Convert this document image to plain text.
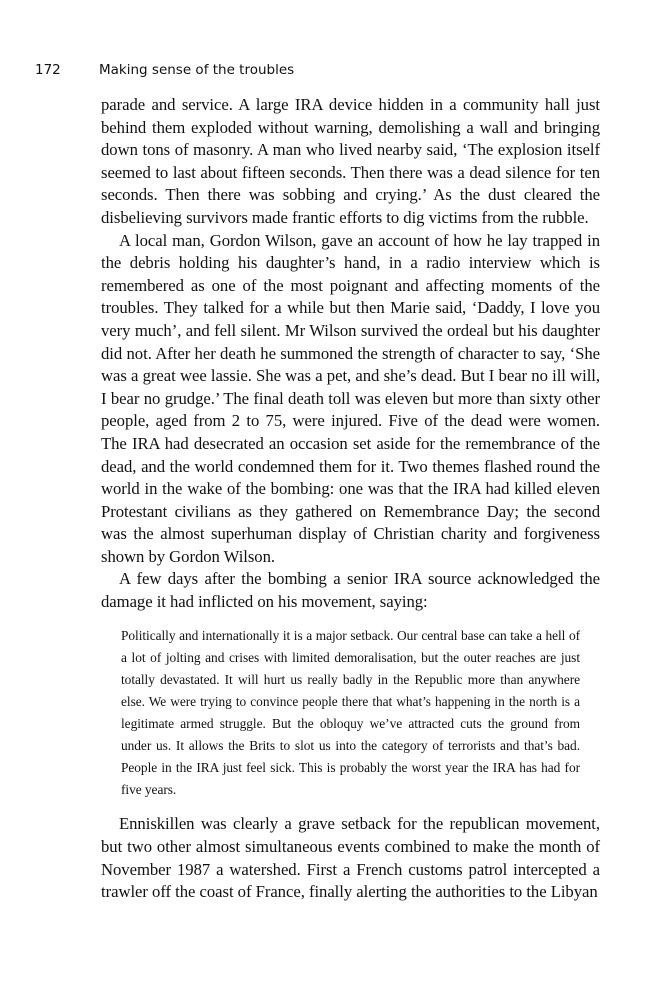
172	Making sense of the troubles

parade and service. A large IRA device hidden in a community hall just behind them exploded without warning, demolishing a wall and bringing down tons of masonry. A man who lived nearby said, ‘The explosion itself seemed to last about fifteen seconds. Then there was a dead silence for ten seconds. Then there was sobbing and crying.’ As the dust cleared the disbelieving survivors made frantic efforts to dig victims from the rubble.

A local man, Gordon Wilson, gave an account of how he lay trapped in the debris holding his daughter’s hand, in a radio interview which is remembered as one of the most poignant and affecting moments of the troubles. They talked for a while but then Marie said, ‘Daddy, I love you very much’, and fell silent. Mr Wilson survived the ordeal but his daughter did not. After her death he summoned the strength of character to say, ‘She was a great wee lassie. She was a pet, and she’s dead. But I bear no ill will, I bear no grudge.’ The final death toll was eleven but more than sixty other people, aged from 2 to 75, were injured. Five of the dead were women. The IRA had desecrated an occasion set aside for the remembrance of the dead, and the world condemned them for it. Two themes flashed round the world in the wake of the bombing: one was that the IRA had killed eleven Protestant civilians as they gathered on Remembrance Day; the second was the almost superhuman display of Christian charity and forgiveness shown by Gordon Wilson.

A few days after the bombing a senior IRA source acknowledged the damage it had inflicted on his movement, saying:

Politically and internationally it is a major setback. Our central base can take a hell of a lot of jolting and crises with limited demoralisation, but the outer reaches are just totally devastated. It will hurt us really badly in the Republic more than anywhere else. We were trying to convince people there that what’s happening in the north is a legitimate armed struggle. But the obloquy we’ve attracted cuts the ground from under us. It allows the Brits to slot us into the category of terrorists and that’s bad. People in the IRA just feel sick. This is probably the worst year the IRA has had for five years.

Enniskillen was clearly a grave setback for the republican movement, but two other almost simultaneous events combined to make the month of November 1987 a watershed. First a French customs patrol intercepted a trawler off the coast of France, finally alerting the authorities to the Libyan
